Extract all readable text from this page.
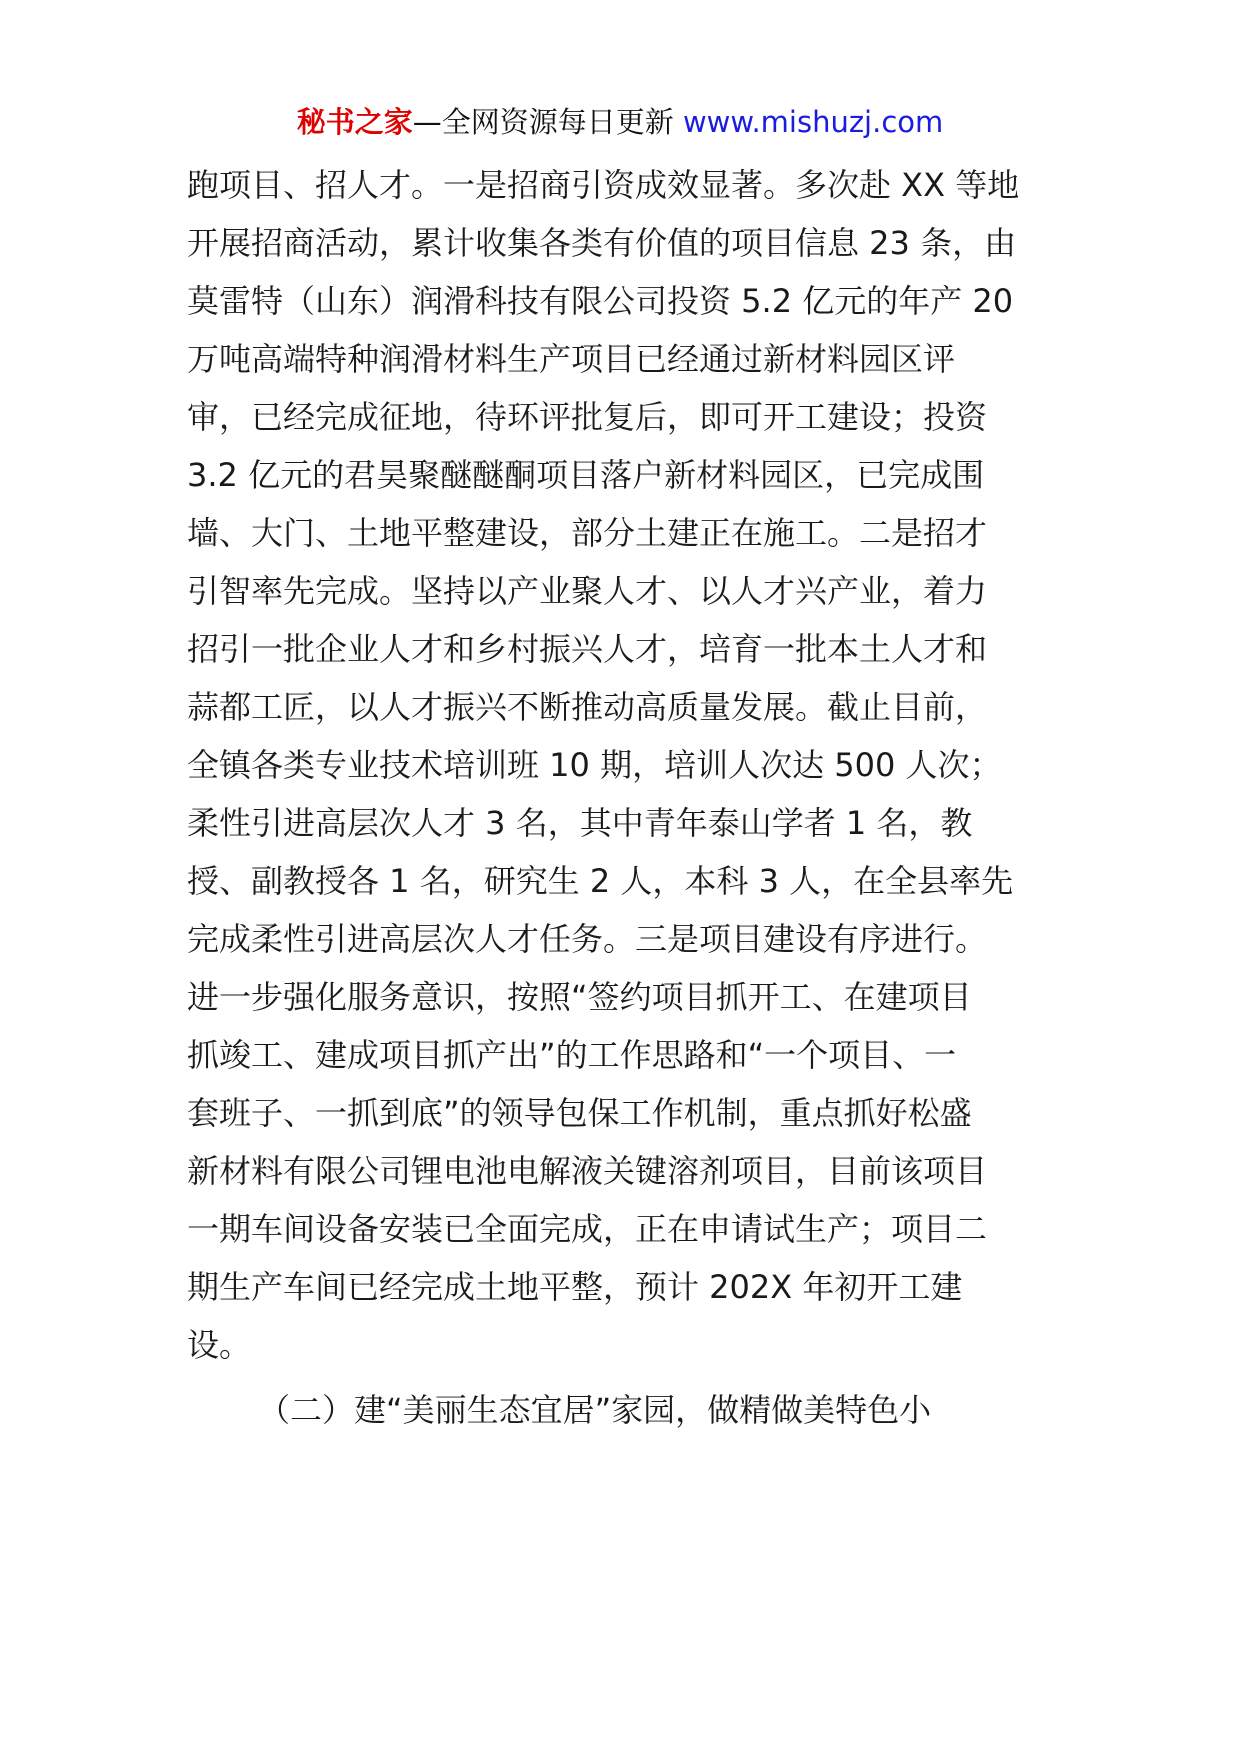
秘书之家—全网资源每日更新 www.mishuzj.com
跑项目、招人才。一是招商引资成效显著。多次赴 XX 等地
开展招商活动，累计收集各类有价值的项目信息 23 条，由
莫雷特（山东）润滑科技有限公司投资 5.2 亿元的年产 20
万吨高端特种润滑材料生产项目已经通过新材料园区评
审，已经完成征地，待环评批复后，即可开工建设；投资
3.2 亿元的君昊聚醚醚酮项目落户新材料园区，已完成围
墙、大门、土地平整建设，部分土建正在施工。二是招才
引智率先完成。坚持以产业聚人才、以人才兴产业，着力
招引一批企业人才和乡村振兴人才，培育一批本土人才和
蒜都工匠，以人才振兴不断推动高质量发展。截止目前，
全镇各类专业技术培训班 10 期，培训人次达 500 人次；
柔性引进高层次人才 3 名，其中青年泰山学者 1 名，教
授、副教授各 1 名，研究生 2 人，本科 3 人，在全县率先
完成柔性引进高层次人才任务。三是项目建设有序进行。
进一步强化服务意识，按照“签约项目抓开工、在建项目
抓竣工、建成项目抓产出”的工作思路和“一个项目、一
套班子、一抓到底”的领导包保工作机制，重点抓好松盛
新材料有限公司锂电池电解液关键溶剂项目，目前该项目
一期车间设备安装已全面完成，正在申请试生产；项目二
期生产车间已经完成土地平整，预计 202X 年初开工建
设。
（二）建“美丽生态宜居”家园，做精做美特色小
